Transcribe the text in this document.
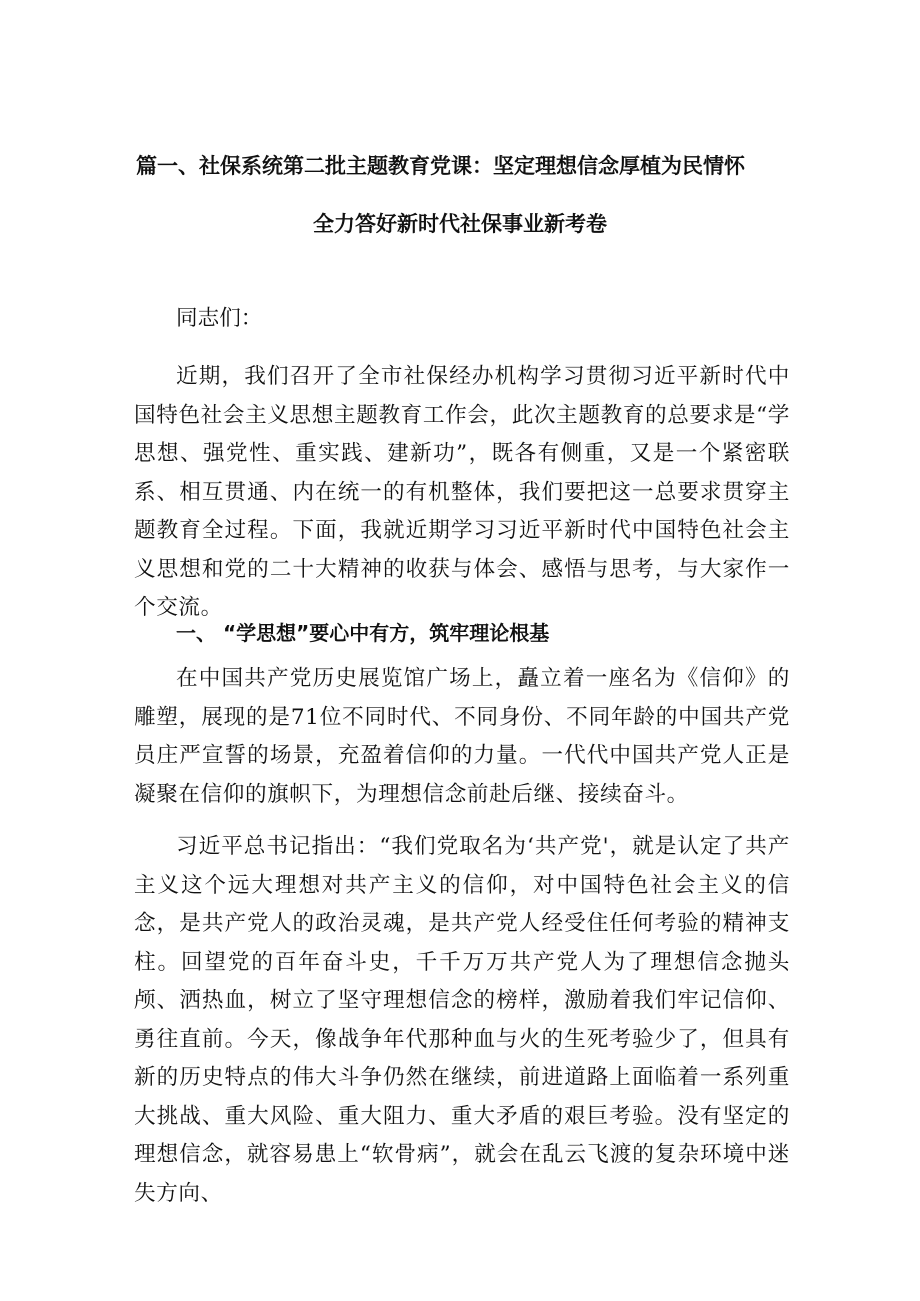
篇一、社保系统第二批主题教育党课：坚定理想信念厚植为民情怀
全力答好新时代社保事业新考卷
同志们：

近期，我们召开了全市社保经办机构学习贯彻习近平新时代中国特色社会主义思想主题教育工作会，此次主题教育的总要求是“学思想、强党性、重实践、建新功”，既各有侧重，又是一个紧密联系、相互贯通、内在统一的有机整体，我们要把这一总要求贯穿主题教育全过程。下面，我就近期学习习近平新时代中国特色社会主义思想和党的二十大精神的收获与体会、感悟与思考，与大家作一个交流。

一、 “学思想”要心中有方，筑牢理论根基

在中国共产党历史展览馆广场上，矗立着一座名为《信仰》的雕塑，展现的是71位不同时代、不同身份、不同年龄的中国共产党员庄严宣誓的场景，充盈着信仰的力量。一代代中国共产党人正是凝聚在信仰的旗帜下，为理想信念前赴后继、接续奋斗。

习近平总书记指出：“我们党取名为‘共产党'，就是认定了共产主义这个远大理想对共产主义的信仰，对中国特色社会主义的信念，是共产党人的政治灵魂，是共产党人经受住任何考验的精神支柱。回望党的百年奋斗史，千千万万共产党人为了理想信念抛头颅、洒热血，树立了坚守理想信念的榜样，激励着我们牢记信仰、勇往直前。今天，像战争年代那种血与火的生死考验少了，但具有新的历史特点的伟大斗争仍然在继续，前进道路上面临着一系列重大挑战、重大风险、重大阻力、重大矛盾的艰巨考验。没有坚定的理想信念，就容易患上“软骨病”，就会在乱云飞渡的复杂环境中迷失方向、
